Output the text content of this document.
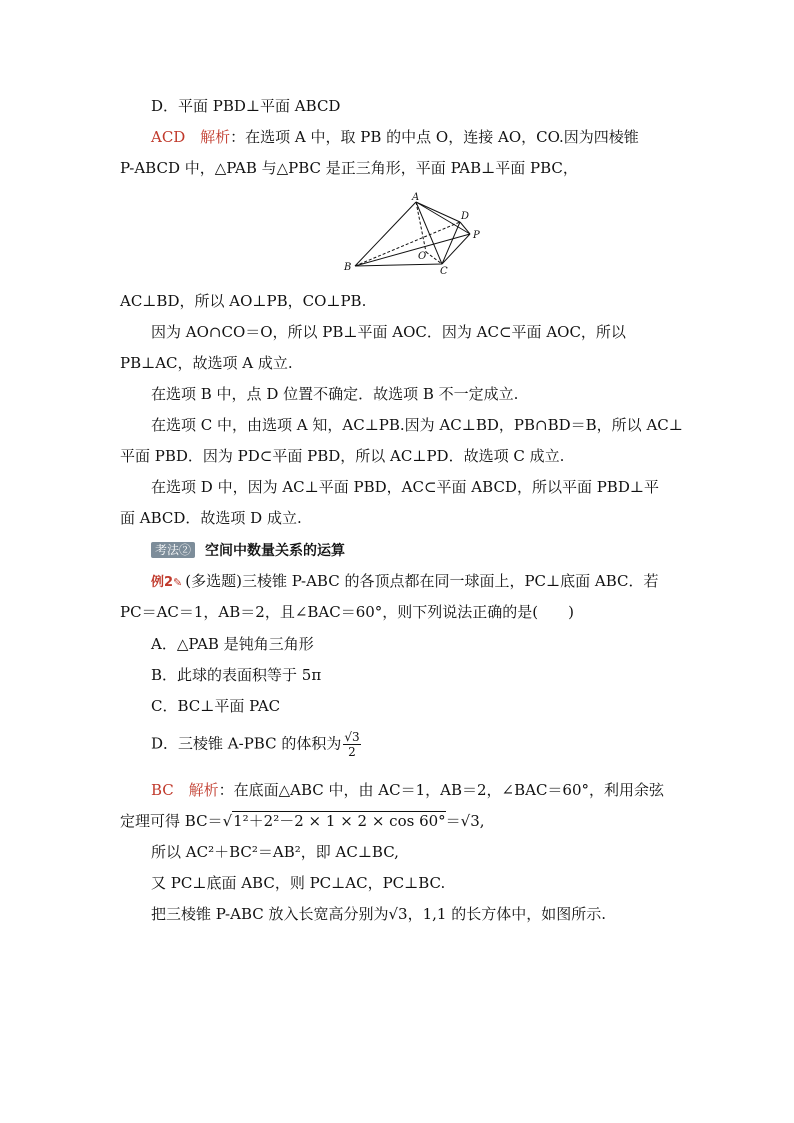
D．平面 PBD⊥平面 ABCD
ACD 解析：在选项 A 中，取 PB 的中点 O，连接 AO，CO.因为四棱锥
P-ABCD 中，△PAB 与△PBC 是正三角形，平面 PAB⊥平面 PBC，
A
B	C
D
P
O
AC⊥BD，所以 AO⊥PB，CO⊥PB.
因为 AO∩CO＝O，所以 PB⊥平面 AOC．因为 AC⊂平面 AOC，所以
PB⊥AC，故选项 A 成立.
在选项 B 中，点 D 位置不确定．故选项 B 不一定成立.
在选项 C 中，由选项 A 知，AC⊥PB.因为 AC⊥BD，PB∩BD＝B，所以 AC⊥
平面 PBD．因为 PD⊂平面 PBD，所以 AC⊥PD．故选项 C 成立.
在选项 D 中，因为 AC⊥平面 PBD，AC⊂平面 ABCD，所以平面 PBD⊥平
面 ABCD．故选项 D 成立.
考法② 空间中数量关系的运算
例2✎ (多选题)三棱锥 P-ABC 的各顶点都在同一球面上，PC⊥底面 ABC．若
PC＝AC＝1，AB＝2，且∠BAC＝60°，则下列说法正确的是(　　)
A．△PAB 是钝角三角形
B．此球的表面积等于 5π
C．BC⊥平面 PAC
D．三棱锥 A-PBC 的体积为 $\frac{√3}{2}$
BC 解析：在底面△ABC 中，由 AC＝1，AB＝2，∠BAC＝60°，利用余弦
定理可得 BC＝√1²＋2²－2 × 1 × 2 × cos 60°＝√3,
所以 AC²＋BC²＝AB²，即 AC⊥BC,
又 PC⊥底面 ABC，则 PC⊥AC，PC⊥BC.
把三棱锥 P-ABC 放入长宽高分别为√3，1,1 的长方体中，如图所示.
